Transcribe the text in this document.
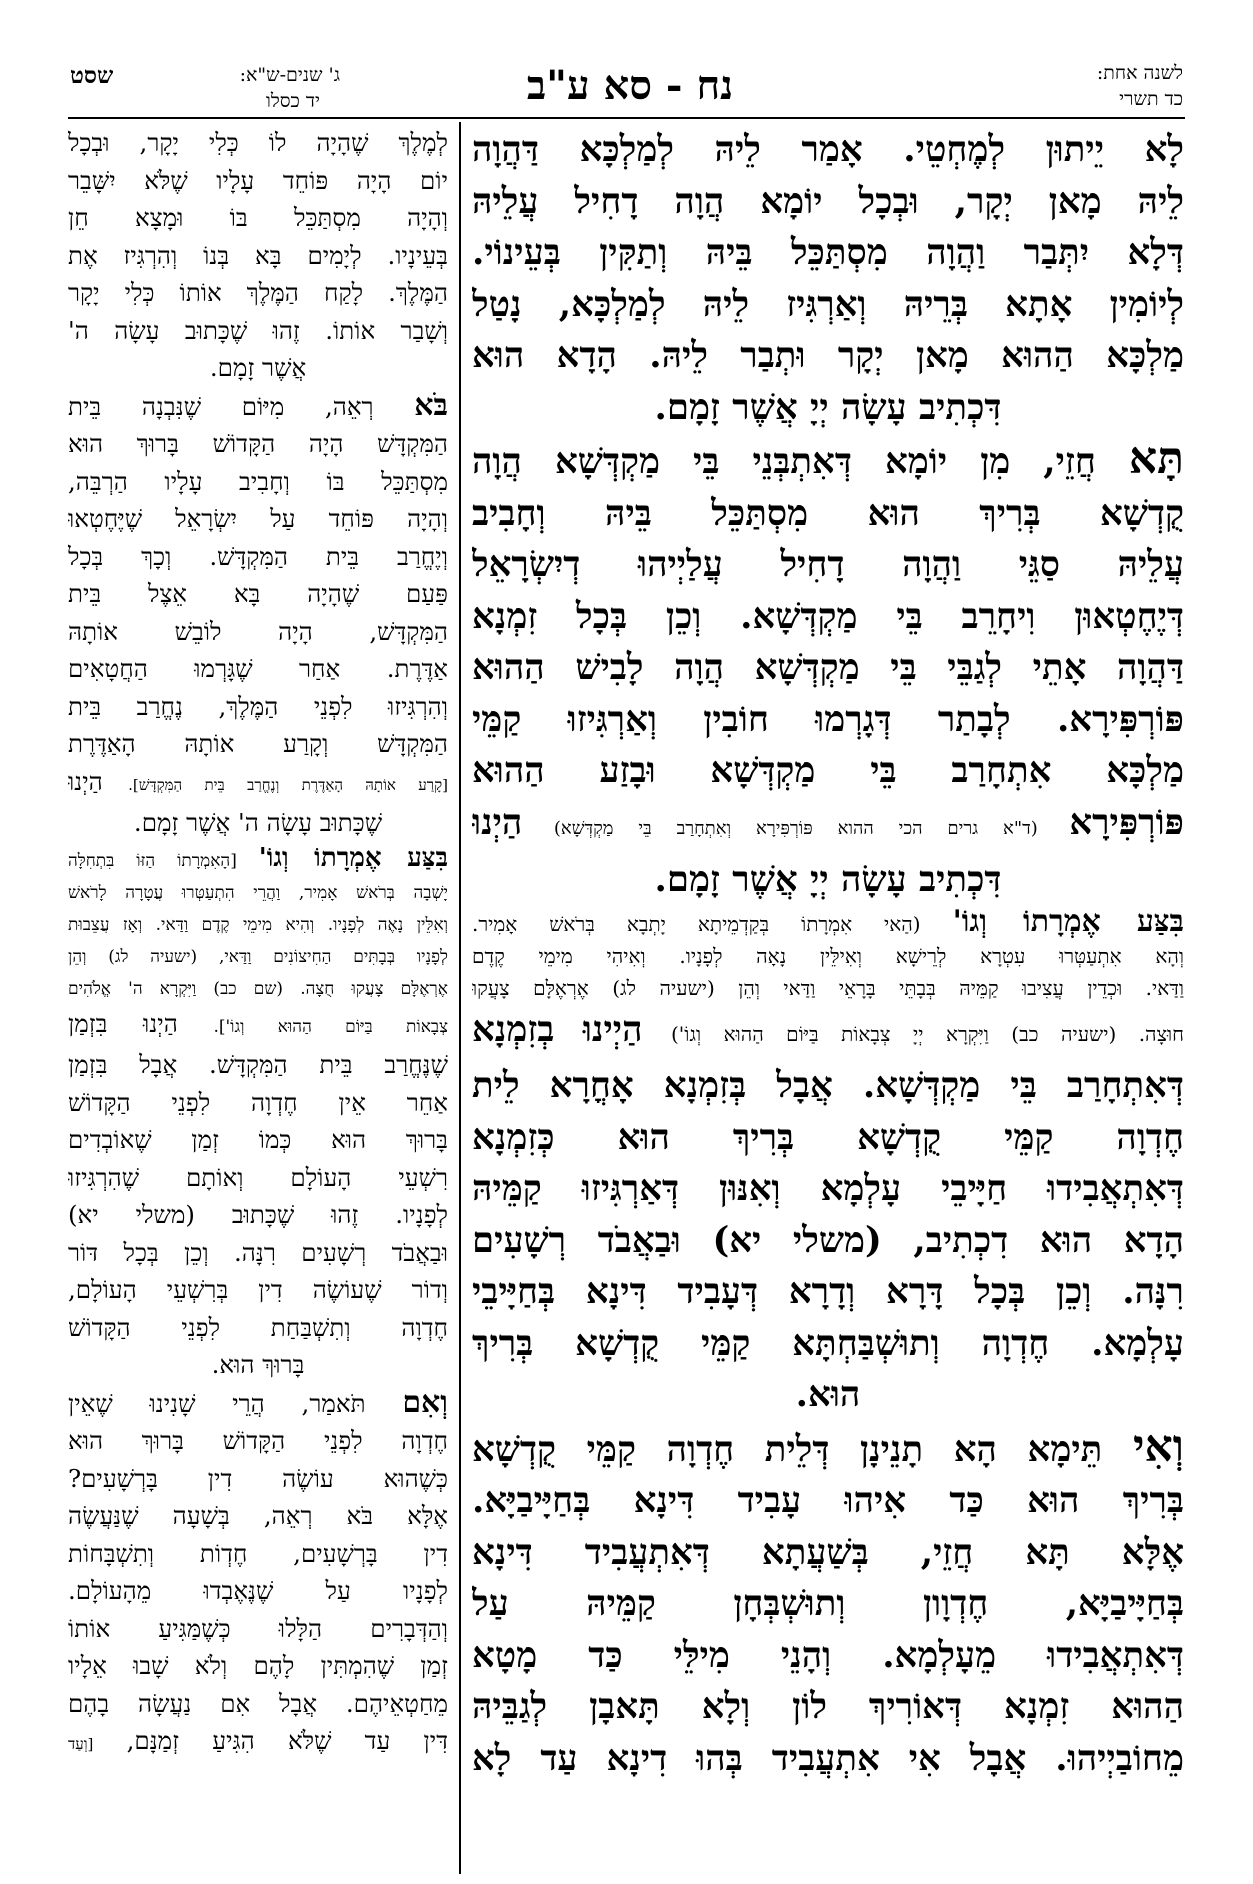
ג' שנים-ש"א:
יד כסלו
שסט	נח - סא ע"ב	לשנה אחת:
כד תשרי
לָא יֵיתוּן לְמֶחְטֵי. אָמַר לֵיהּ לְמַלְכָּא דַּהֲוָה
לֵיהּ מָאן יְקָר, וּבְכָל יוֹמָא הֲוָה דָחִיל עֲלֵיהּ
דְּלָא יִתְּבַר וַהֲוָה מִסְתַּכֵּל בֵּיהּ וְתַקִּין בְּעֵינוֹי.
לְיוֹמִין אָתָא בְּרֵיהּ וְאַרְגִּיז לֵיהּ לְמַלְכָּא, נָטַל
מַלְכָּא הַהוּא מָאן יְקָר וּתְבַר לֵיהּ. הָדָא הוּא
דִּכְתִיב עָשָׂה יְיָ אֲשֶׁר זָמָם.
תָּא חֲזֵי, מִן יוֹמָא דְּאִתְבְּנֵי בֵּי מַקְדְּשָׁא הֲוָה
קֻדְשָׁא בְּרִיךְ הוּא מִסְתַּכֵּל בֵּיהּ וְחָבִיב
עֲלֵיהּ סַגֵּי וַהֲוָה דָחִיל עֲלַיְיהוּ דְיִשְׂרָאֵל
דְּיֶחֶטְאוּן וִיחָרֵב בֵּי מַקְדְּשָׁא. וְכֵן בְּכָל זִמְנָא
דַּהֲוָה אָתֵי לְגַבֵּי בֵּי מַקְדְּשָׁא הֲוָה לָבִישׁ הַהוּא
פּוֹרְפִּירָא. לְבָתַר דְּגָרְמוּ חוֹבִין וְאַרְגִּיזוּ קַמֵּי
מַלְכָּא אִתְחָרַב בֵּי מַקְדְּשָׁא וּבָזַע הַהוּא
פּוֹרְפִּירָא (ד"א גרים הכי ההוא פּוֹרְפִּירָא וְאִתְחָרַב בֵּי מַקְדְּשָׁא) הַיְנוּ
דִּכְתִיב עָשָׂה יְיָ אֲשֶׁר זָמָם.
בִּצַּע אֶמְרָתוֹ וְגוֹ' (הַאי אִמְרָתוֹ בְּקַדְמֵיתָא יָתְבָא בְּרֹאשׁ אָמִיר.
וְהָא אִתְעַטְּרוּ עִטְרָא לְרֵישָׁא וְאִילֵּין נָאָה לְפָנָיו. וְאִיהִי מִימֵי קֶדֶם
וַדַּאי. וּכְדֵין עֲצִיבוּ קַמֵּיהּ בְּבָתֵּי בָּרָאֵי וַדַּאי וְהֵן (ישעיה לג) אֶרְאֶלָּם צָעֲקוּ
חוּצָה. (ישעיה כב) וַיִּקְרָא יְיָ צְבָאוֹת בַּיּוֹם הַהוּא וְגוֹ') הַיְינוּ בְזִמְנָא
דְּאִתְחָרַב בֵּי מַקְדְּשָׁא. אֲבָל בְּזִמְנָא אָחֳרָא לֵית
חֶדְוָה קַמֵּי קֻדְשָׁא בְּרִיךְ הוּא כְּזִמְנָא
דְּאִתְאֲבִידוּ חַיָּיבֵי עָלְמָא וְאִנּוּן דְּאַרְגִּיזוּ קַמֵּיהּ
הָדָא הוּא דִכְתִיב, (משלי יא) וּבַאֲבֹד רְשָׁעִים
רִנָּה. וְכֵן בְּכָל דָּרָא וְדָרָא דְּעָבִיד דִּינָא בְּחַיָּיבֵי
עָלְמָא. חֶדְוָה וְתוּשְׁבַּחְתָּא קַמֵּי קֻדְשָׁא בְּרִיךְ
הוּא.
וְאִי תֵּימָא הָא תָנֵינָן דְּלֵית חֶדְוָה קַמֵּי קֻדְשָׁא
בְּרִיךְ הוּא כַּד אִיהוּ עָבִיד דִּינָא בְּחַיָּיבַיָּא.
אֶלָּא תָּא חֲזֵי, בְּשַׁעֲתָא דְּאִתְעֲבִיד דִּינָא
בְּחַיָּיבַיָּא, חֶדְוָון וְתוּשְׁבְּחָן קַמֵּיהּ עַל
דְּאִתְאֲבִידוּ מֵעָלְמָא. וְהָנֵי מִילֵּי כַּד מָטָא
הַהוּא זִמְנָא דְּאוֹרִיךְ לוֹן וְלָא תָּאבָן לְגַבֵּיהּ
מֵחוֹבַיְיהוּ. אֲבָל אִי אִתְעֲבִיד בְּהוּ דִינָא עַד לָא
לְמֶלֶךְ שֶׁהָיָה לוֹ כְּלִי יָקָר, וּבְכָל
יוֹם הָיָה פּוֹחֵד עָלָיו שֶׁלֹּא יִשָּׁבֵר
וְהָיָה מִסְתַּכֵּל בּוֹ וּמָצָא חֵן
בְּעֵינָיו. לְיָמִים בָּא בְּנוֹ וְהִרְגִּיז אֶת
הַמֶּלֶךְ. לָקַח הַמֶּלֶךְ אוֹתוֹ כְּלִי יָקָר
וְשָׁבַר אוֹתוֹ. זֶהוּ שֶׁכָּתוּב עָשָׂה ה'
אֲשֶׁר זָמָם.
בֹּא רְאֵה, מִיּוֹם שֶׁנִּבְנָה בֵּית
הַמִּקְדָּשׁ הָיָה הַקָּדוֹשׁ בָּרוּךְ הוּא
מִסְתַּכֵּל בּוֹ וְחָבִיב עָלָיו הַרְבֵּה,
וְהָיָה פּוֹחֵד עַל יִשְׂרָאֵל שֶׁיֶּחֶטְאוּ
וְיֶחֱרַב בֵּית הַמִּקְדָּשׁ. וְכָךְ בְּכָל
פַּעַם שֶׁהָיָה בָּא אֵצֶל בֵּית
הַמִּקְדָּשׁ, הָיָה לוֹבֵשׁ אוֹתָהּ
אַדֶּרֶת. אַחַר שֶׁגָּרְמוּ הַחֲטָאִים
וְהִרְגִּיזוּ לִפְנֵי הַמֶּלֶךְ, נֶחֱרַב בֵּית
הַמִּקְדָּשׁ וְקָרַע אוֹתָהּ הָאַדֶּרֶת
[קָרַע אוֹתָהּ הָאַדֶּרֶת וְנֶחֱרַב בֵּית הַמִּקְדָּשׁ]. הַיְנוּ
שֶׁכָּתוּב עָשָׂה ה' אֲשֶׁר זָמָם.
בִּצַּע אֶמְרָתוֹ וְגוֹ' [הָאִמְרָתוֹ הַזּוֹ בִּתְחִלָּה
יָשְׁבָה בְּרֹאשׁ אָמִיר, וַהֲרֵי הִתְעַטְּרוּ עֲטָרָה לָרֹאשׁ
וְאִלֵּין נָאֶה לְפָנָיו. וְהִיא מִימֵי קֶדֶם וַדַּאי. וְאָז עֲצֵבוּת
לְפָנָיו בְּבָתִּים הַחִיצוֹנִים וַדַּאי, (ישעיה לג) וְהֵן
אֶרְאֶלָּם צָעֲקוּ חֻצָה. (שם כב) וַיִּקְרָא ה' אֱלֹהִים
צְבָאוֹת בַּיּוֹם הַהוּא וְגוֹ']. הַיְנוּ בִּזְמַן
שֶׁנֶּחֱרַב בֵּית הַמִּקְדָּשׁ. אֲבָל בִּזְמַן
אַחֵר אֵין חֶדְוָה לִפְנֵי הַקָּדוֹשׁ
בָּרוּךְ הוּא כְּמוֹ זְמַן שֶׁאוֹבְדִים
רִשְׁעֵי הָעוֹלָם וְאוֹתָם שֶׁהִרְגִּיזוּ
לְפָנָיו. זֶהוּ שֶׁכָּתוּב (משלי יא)
וּבַאֲבֹד רְשָׁעִים רִנָּה. וְכֵן בְּכָל דּוֹר
וְדוֹר שֶׁעוֹשֶׂה דִין בְּרִשְׁעֵי הָעוֹלָם,
חֶדְוָה וְתִשְׁבַּחַת לִפְנֵי הַקָּדוֹשׁ
בָּרוּךְ הוּא.
וְאִם תֹּאמַר, הֲרֵי שָׁנִינוּ שֶׁאֵין
חֶדְוָה לִפְנֵי הַקָּדוֹשׁ בָּרוּךְ הוּא
כְּשֶׁהוּא עוֹשֶׂה דִין בָּרְשָׁעִים?
אֶלָּא בֹּא רְאֵה, בְּשָׁעָה שֶׁנַּעֲשֶׂה
דִין בָּרְשָׁעִים, חֶדְוֹת וְתִשְׁבָּחוֹת
לְפָנָיו עַל שֶׁנֶּאֶבְדוּ מֵהָעוֹלָם.
וְהַדְּבָרִים הַלָּלוּ כְּשֶׁמַּגִּיעַ אוֹתוֹ
זְמַן שֶׁהִמְתִּין לָהֶם וְלֹא שָׁבוּ אֵלָיו
מֵחַטְאֵיהֶם. אֲבָל אִם נַעֲשָׂה בָהֶם
דִּין עַד שֶׁלֹּא הִגִּיעַ זְמַנָּם, [וְעַד
